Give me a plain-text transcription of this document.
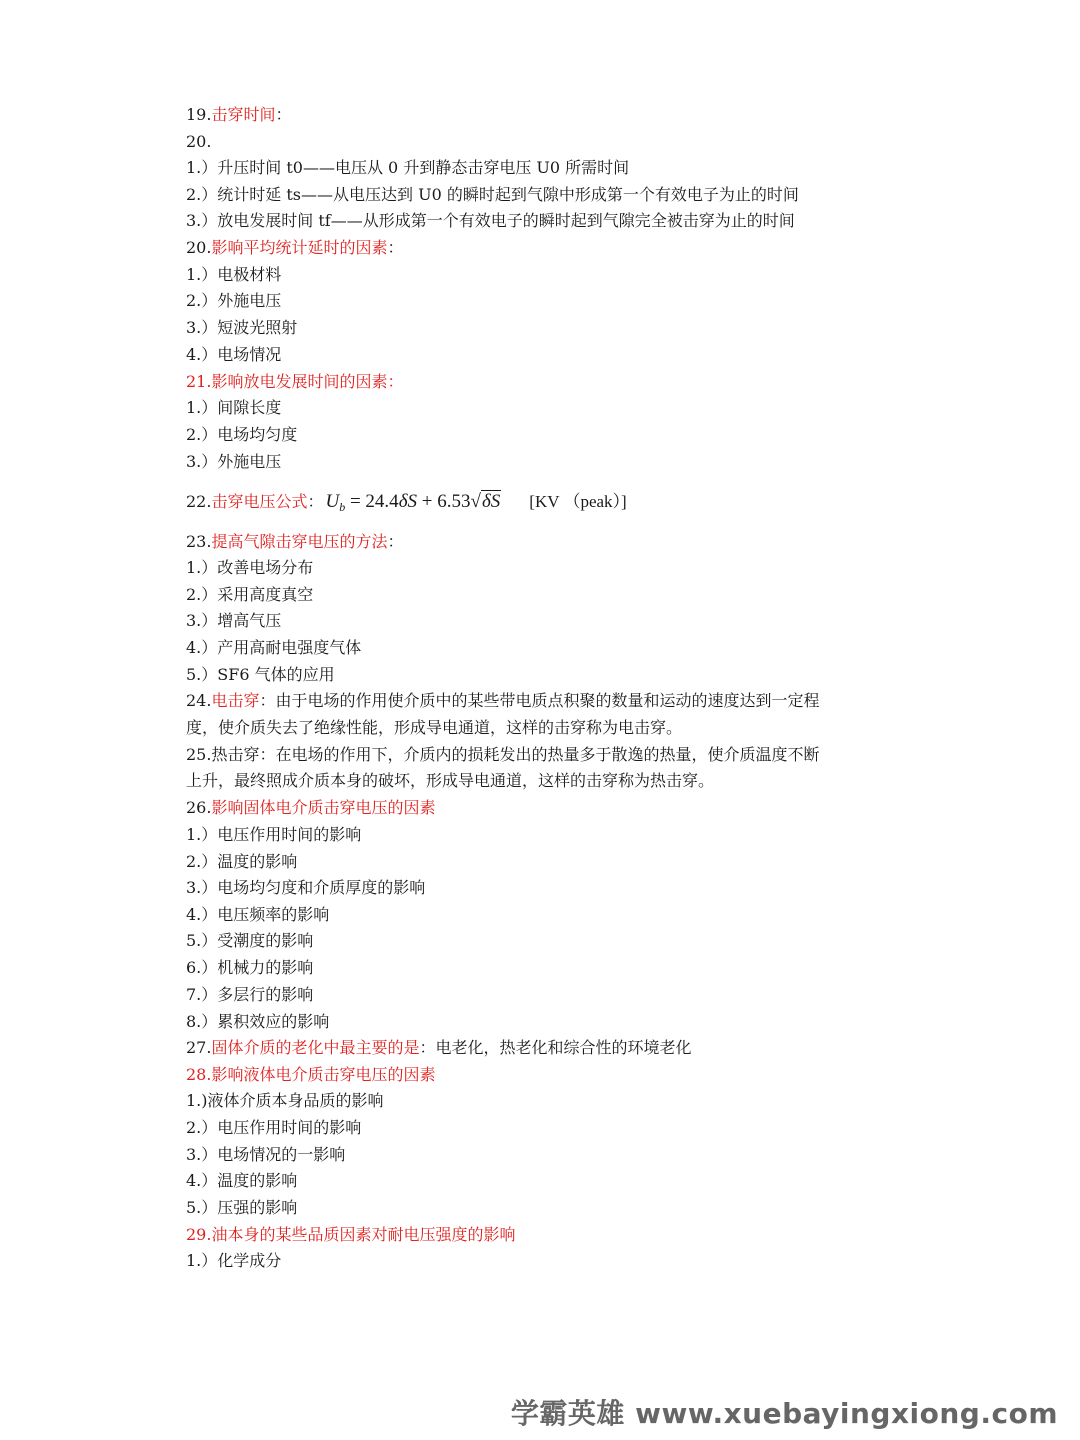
19.击穿时间：
20.
1.）升压时间 t0——电压从 0 升到静态击穿电压 U0 所需时间
2.）统计时延 ts——从电压达到 U0 的瞬时起到气隙中形成第一个有效电子为止的时间
3.）放电发展时间 tf——从形成第一个有效电子的瞬时起到气隙完全被击穿为止的时间
20.影响平均统计延时的因素：
1.）电极材料
2.）外施电压
3.）短波光照射
4.）电场情况
21.影响放电发展时间的因素：
1.）间隙长度
2.）电场均匀度
3.）外施电压
22.击穿电压公式： $U_b = 24.4\delta S + 6.53√\delta S$ [KV （peak）]
23.提高气隙击穿电压的方法：
1.）改善电场分布
2.）采用高度真空
3.）增高气压
4.）产用高耐电强度气体
5.）SF6 气体的应用
24.电击穿：由于电场的作用使介质中的某些带电质点积聚的数量和运动的速度达到一定程
度，使介质失去了绝缘性能，形成导电通道，这样的击穿称为电击穿。
25.热击穿：在电场的作用下，介质内的损耗发出的热量多于散逸的热量，使介质温度不断
上升，最终照成介质本身的破坏，形成导电通道，这样的击穿称为热击穿。
26.影响固体电介质击穿电压的因素
1.）电压作用时间的影响
2.）温度的影响
3.）电场均匀度和介质厚度的影响
4.）电压频率的影响
5.）受潮度的影响
6.）机械力的影响
7.）多层行的影响
8.）累积效应的影响
27.固体介质的老化中最主要的是：电老化，热老化和综合性的环境老化
28.影响液体电介质击穿电压的因素
1.)液体介质本身品质的影响
2.）电压作用时间的影响
3.）电场情况的一影响
4.）温度的影响
5.）压强的影响
29.油本身的某些品质因素对耐电压强度的影响
1.）化学成分
学霸英雄 www.xuebayingxiong.com
